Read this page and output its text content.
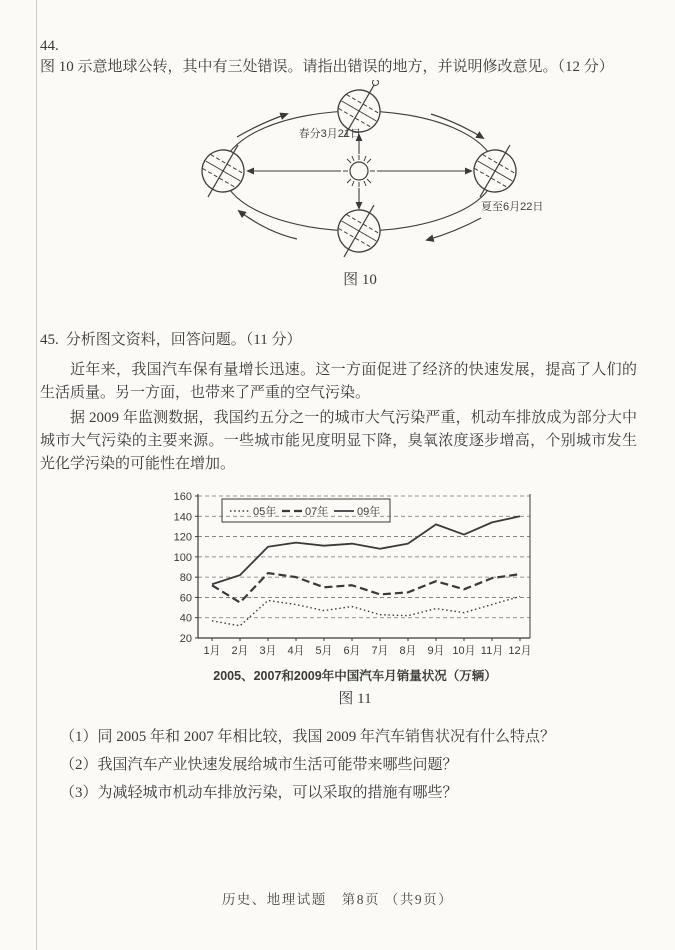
44.图 10 示意地球公转，其中有三处错误。请指出错误的地方，并说明修改意见。（12 分）

春分3月21日
夏至6月22日
图 10

45. 分析图文资料，回答问题。（11 分）

近年来，我国汽车保有量增长迅速。这一方面促进了经济的快速发展，提高了人们的生活质量。另一方面，也带来了严重的空气污染。

据 2009 年监测数据，我国约五分之一的城市大气污染严重，机动车排放成为部分大中城市大气污染的主要来源。一些城市能见度明显下降，臭氧浓度逐步增高，个别城市发生光化学污染的可能性在增加。

20
40
60
80
100
120
140
160
1月 2月 3月 4月 5月 6月 7月 8月 9月 10月 11月 12月
05年	07年	09年
2005、2007和2009年中国汽车月销量状况（万辆）
图 11

（1）同 2005 年和 2007 年相比较，我国 2009 年汽车销售状况有什么特点？

（2）我国汽车产业快速发展给城市生活可能带来哪些问题？

（3）为减轻城市机动车排放污染，可以采取的措施有哪些？

历史、地理试题　第8页 （共9页）
